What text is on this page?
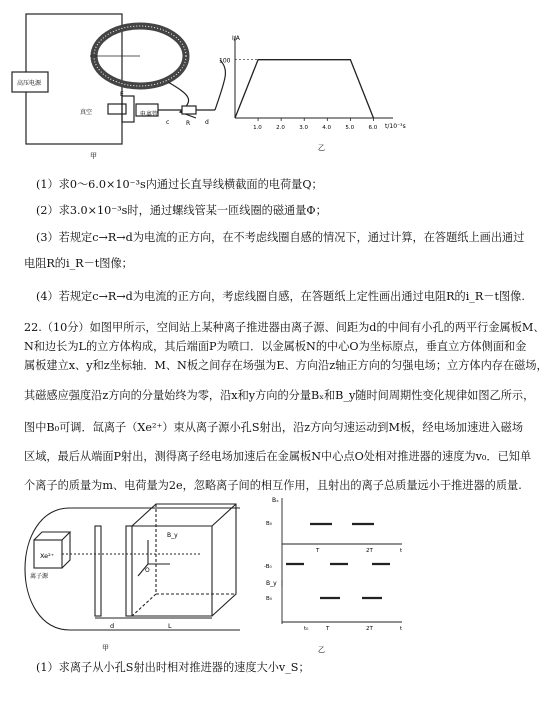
高压电源
真空	电离管
甲
c	R d
E
100
1.0	2.0	3.0	4.0	5.0	6.0
I/A
t/10⁻³s
乙
(1）求0～6.0×10⁻³s内通过长直导线横截面的电荷量Q；
(2）求3.0×10⁻³s时，通过螺线管某一匝线圈的磁通量Φ；
(3）若规定c→R→d为电流的正方向，在不考虑线圈自感的情况下，通过计算，在答题纸上画出通过
电阻R的i_R－t图像；
(4）若规定c→R→d为电流的正方向，考虑线圈自感，在答题纸上定性画出通过电阻R的i_R－t图像.
22.（10分）如图甲所示，空间站上某种离子推进器由离子源、间距为d的中间有小孔的两平行金属板M、
N和边长为L的立方体构成，其后端面P为喷口．以金属板N的中心O为坐标原点，垂直立方体侧面和金
属板建立x、y和z坐标轴．M、N板之间存在场强为E、方向沿z轴正方向的匀强电场；立方体内存在磁场，
其磁感应强度沿z方向的分量始终为零，沿x和y方向的分量Bₓ和B_y随时间周期性变化规律如图乙所示，
图中B₀可调．氙离子（Xe²⁺）束从离子源小孔S射出，沿z方向匀速运动到M板，经电场加速进入磁场
区域，最后从端面P射出，测得离子经电场加速后在金属板N中心点O处相对推进器的速度为v₀．已知单
个离子的质量为m、电荷量为2e，忽略离子间的相互作用，且射出的离子总质量远小于推进器的质量.
Xe²⁺
离子源
d	L
甲
O
B_y
Bₓ
B₀
-B₀
T	2T	t
B_y
B₀
t₀	T	2T	t
乙
(1）求离子从小孔S射出时相对推进器的速度大小v_S；
